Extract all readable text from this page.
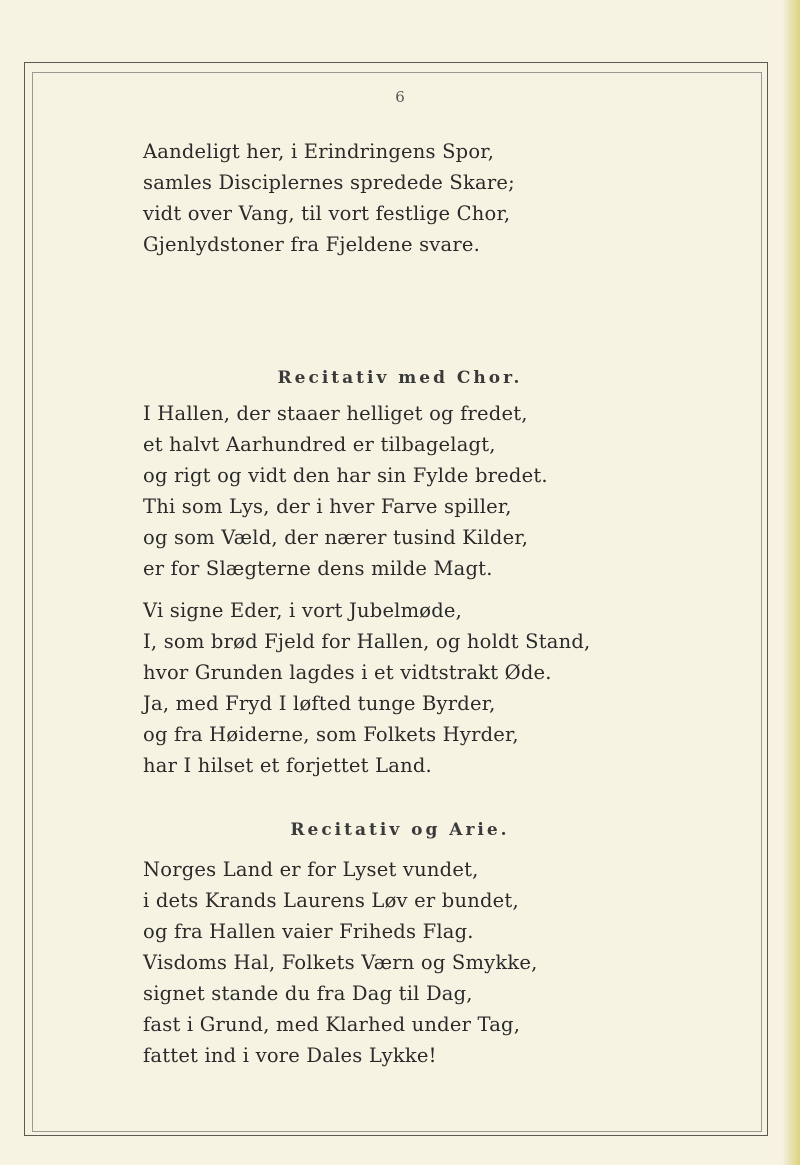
6
Aandeligt her, i Erindringens Spor,
samles Disciplernes spredede Skare;
vidt over Vang, til vort festlige Chor,
Gjenlydstoner fra Fjeldene svare.
Recitativ med Chor.
I Hallen, der staaer helliget og fredet,
et halvt Aarhundred er tilbagelagt,
og rigt og vidt den har sin Fylde bredet.
Thi som Lys, der i hver Farve spiller,
og som Væld, der nærer tusind Kilder,
er for Slægterne dens milde Magt.
Vi signe Eder, i vort Jubelmøde,
I, som brød Fjeld for Hallen, og holdt Stand,
hvor Grunden lagdes i et vidtstrakt Øde.
Ja, med Fryd I løfted tunge Byrder,
og fra Høiderne, som Folkets Hyrder,
har I hilset et forjettet Land.
Recitativ og Arie.
Norges Land er for Lyset vundet,
i dets Krands Laurens Løv er bundet,
og fra Hallen vaier Friheds Flag.
Visdoms Hal, Folkets Værn og Smykke,
signet stande du fra Dag til Dag,
fast i Grund, med Klarhed under Tag,
fattet ind i vore Dales Lykke!
